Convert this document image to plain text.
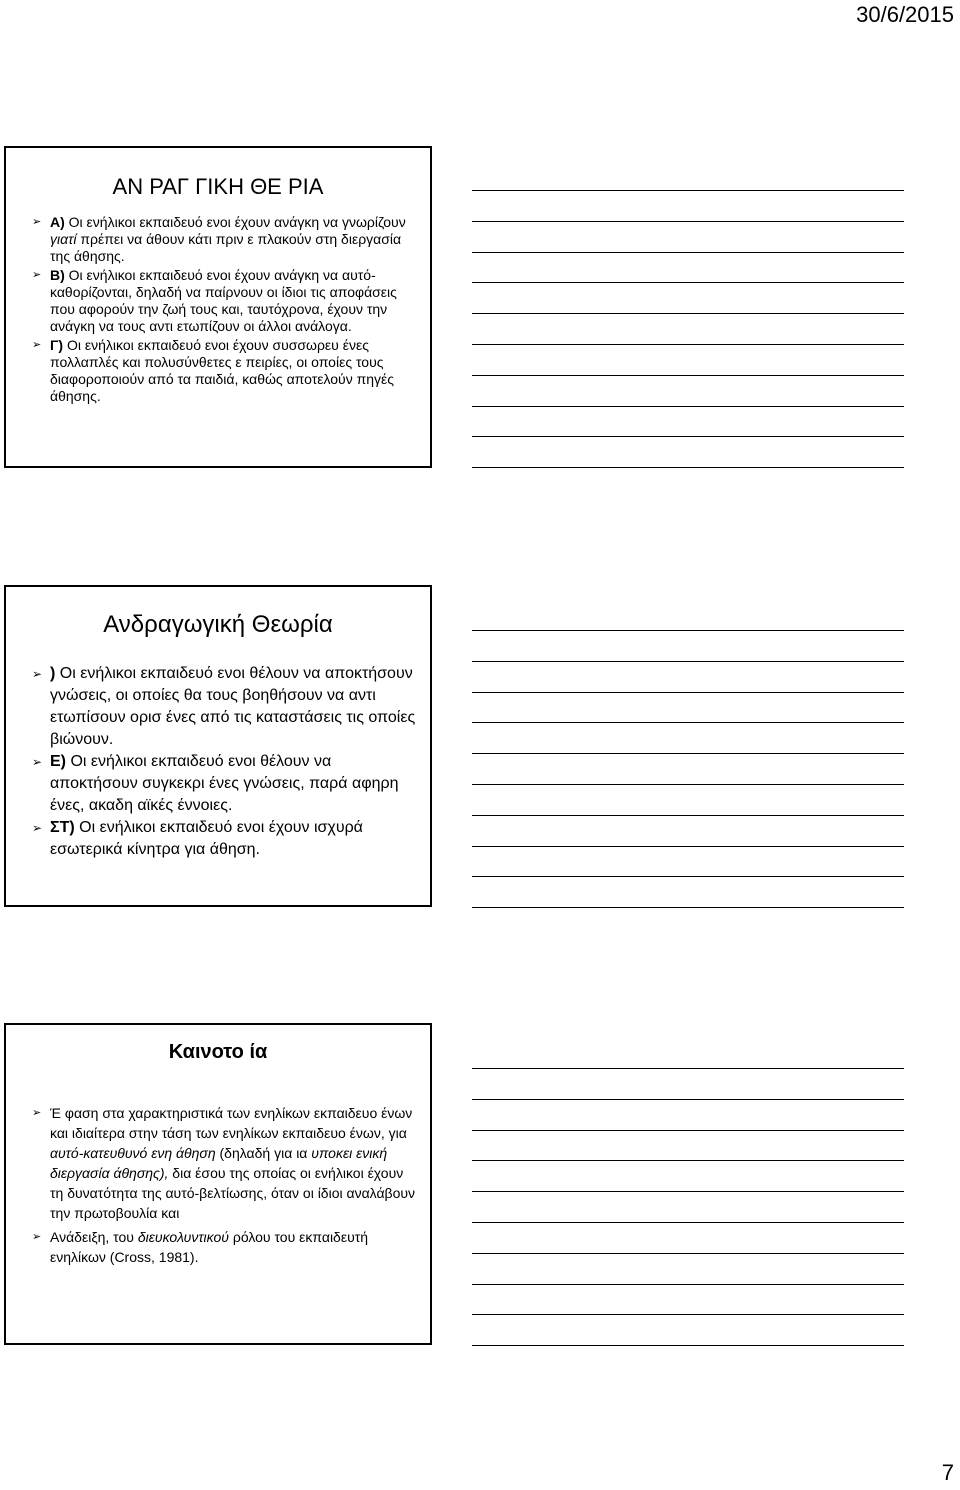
30/6/2015
ΑΝ ΡΑΓ ΓΙΚΗ ΘΕ ΡΙΑ
➢ Α) Οι ενήλικοι εκπαιδευό ενοι έχουν ανάγκη να γνωρίζουν γιατί πρέπει να άθουν κάτι πριν ε πλακούν στη διεργασία της άθησης.
➢ Β) Οι ενήλικοι εκπαιδευό ενοι έχουν ανάγκη να αυτό-καθορίζονται, δηλαδή να παίρνουν οι ίδιοι τις αποφάσεις που αφορούν την ζωή τους και, ταυτόχρονα, έχουν την ανάγκη να τους αντι ετωπίζουν οι άλλοι ανάλογα.
➢ Γ) Οι ενήλικοι εκπαιδευό ενοι έχουν συσσωρευ ένες πολλαπλές και πολυσύνθετες ε πειρίες, οι οποίες τους διαφοροποιούν από τα παιδιά, καθώς αποτελούν πηγές άθησης.
Ανδραγωγική Θεωρία
➢ ) Οι ενήλικοι εκπαιδευό ενοι θέλουν να αποκτήσουν γνώσεις, οι οποίες θα τους βοηθήσουν να αντι ετωπίσουν ορισ ένες από τις καταστάσεις τις οποίες βιώνουν.
➢ Ε) Οι ενήλικοι εκπαιδευό ενοι θέλουν να αποκτήσουν συγκεκρι ένες γνώσεις, παρά αφηρη ένες, ακαδη αϊκές έννοιες.
➢ ΣΤ) Οι ενήλικοι εκπαιδευό ενοι έχουν ισχυρά εσωτερικά κίνητρα για άθηση.
Καινοτο ία
➢ Έ φαση στα χαρακτηριστικά των ενηλίκων εκπαιδευο ένων και ιδιαίτερα στην τάση των ενηλίκων εκπαιδευο ένων, για αυτό-κατευθυνό ενη άθηση (δηλαδή για ια υποκει ενική διεργασία άθησης), δια έσου της οποίας οι ενήλικοι έχουν τη δυνατότητα της αυτό-βελτίωσης, όταν οι ίδιοι αναλάβουν την πρωτοβουλία και
➢ Ανάδειξη, του διευκολυντικού ρόλου του εκπαιδευτή ενηλίκων (Cross, 1981).
7
